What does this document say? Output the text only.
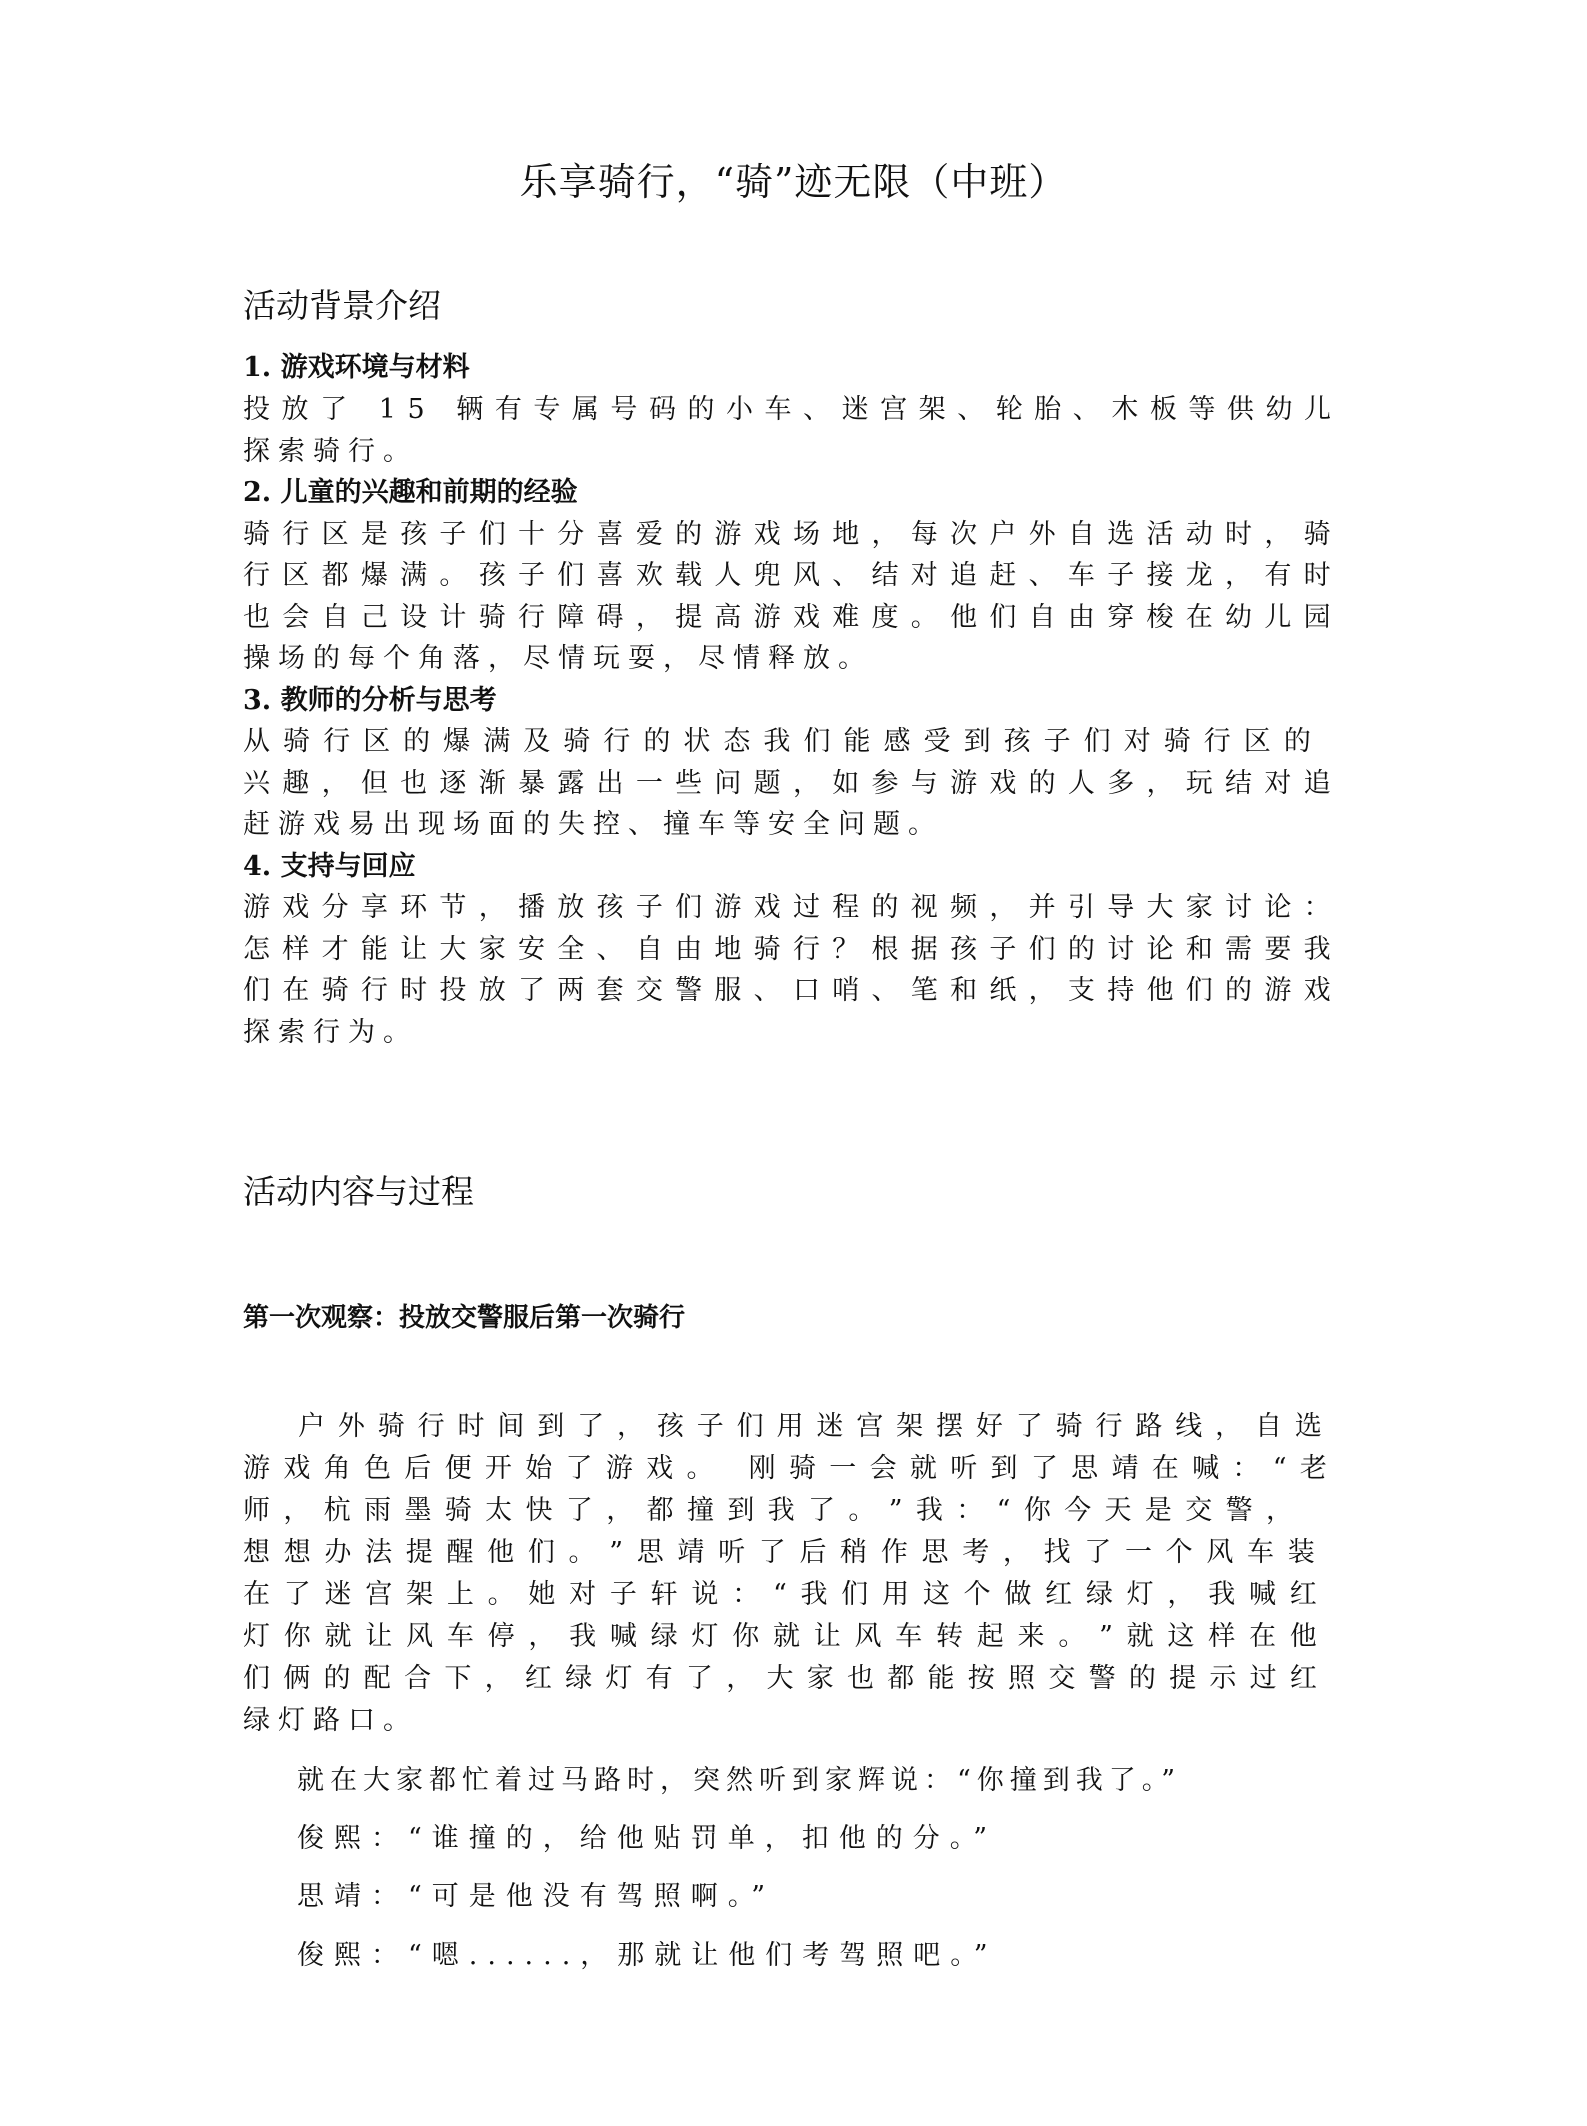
乐享骑行，“骑”迹无限（中班）
活动背景介绍
1. 游戏环境与材料
投 放 了
1 5
辆 有 专 属 号 码 的 小 车 、 迷 宫 架 、 轮 胎 、 木 板 等 供 幼 儿
探索骑行。
2. 儿童的兴趣和前期的经验
骑 行 区 是 孩 子 们 十 分 喜 爱 的 游 戏 场 地 ， 每 次 户 外 自 选 活 动 时 ， 骑
行 区 都 爆 满 。 孩 子 们 喜 欢 载 人 兜 风 、 结 对 追 赶 、 车 子 接 龙 ， 有 时
也 会 自 己 设 计 骑 行 障 碍 ， 提 高 游 戏 难 度 。 他 们 自 由 穿 梭 在 幼 儿 园
操场的每个角落，尽情玩耍，尽情释放。
3. 教师的分析与思考
从 骑 行 区 的 爆 满 及 骑 行 的 状 态 我 们 能 感 受 到 孩 子 们 对 骑 行 区 的
兴 趣 ， 但 也 逐 渐 暴 露 出 一 些 问 题 ， 如 参 与 游 戏 的 人 多 ， 玩 结 对 追
赶游戏易出现场面的失控、撞车等安全问题。
4. 支持与回应
游 戏 分 享 环 节 ， 播 放 孩 子 们 游 戏 过 程 的 视 频 ， 并 引 导 大 家 讨 论 ：
怎 样 才 能 让 大 家 安 全 、 自 由 地 骑 行 ？ 根 据 孩 子 们 的 讨 论 和 需 要 我
们 在 骑 行 时 投 放 了 两 套 交 警 服 、 口 哨 、 笔 和 纸 ， 支 持 他 们 的 游 戏
探索行为。
活动内容与过程
第一次观察：投放交警服后第一次骑行
户 外 骑 行 时 间 到 了 ， 孩 子 们 用 迷 宫 架 摆 好 了 骑 行 路 线 ， 自 选
游 戏 角 色 后 便 开 始 了 游 戏 。
刚 骑 一 会 就 听 到 了 思 靖 在 喊 ： “ 老
师 ， 杭 雨 墨 骑 太 快 了 ， 都 撞 到 我 了 。 ” 我 ： “ 你 今 天 是 交 警 ，
想 想 办 法 提 醒 他 们 。 ” 思 靖 听 了 后 稍 作 思 考 ， 找 了 一 个 风 车 装
在 了 迷 宫 架 上 。 她 对 子 轩 说 ： “ 我 们 用 这 个 做 红 绿 灯 ， 我 喊 红
灯 你 就 让 风 车 停 ， 我 喊 绿 灯 你 就 让 风 车 转 起 来 。 ” 就 这 样 在 他
们 俩 的 配 合 下 ， 红 绿 灯 有 了 ， 大 家 也 都 能 按 照 交 警 的 提 示 过 红
绿灯路口。
就在大家都忙着过马路时，突然听到家辉说：“你撞到我了。”
俊熙：“谁撞的，给他贴罚单，扣他的分。”
思靖：“可是他没有驾照啊。”
俊熙：“嗯......，那就让他们考驾照吧。”
